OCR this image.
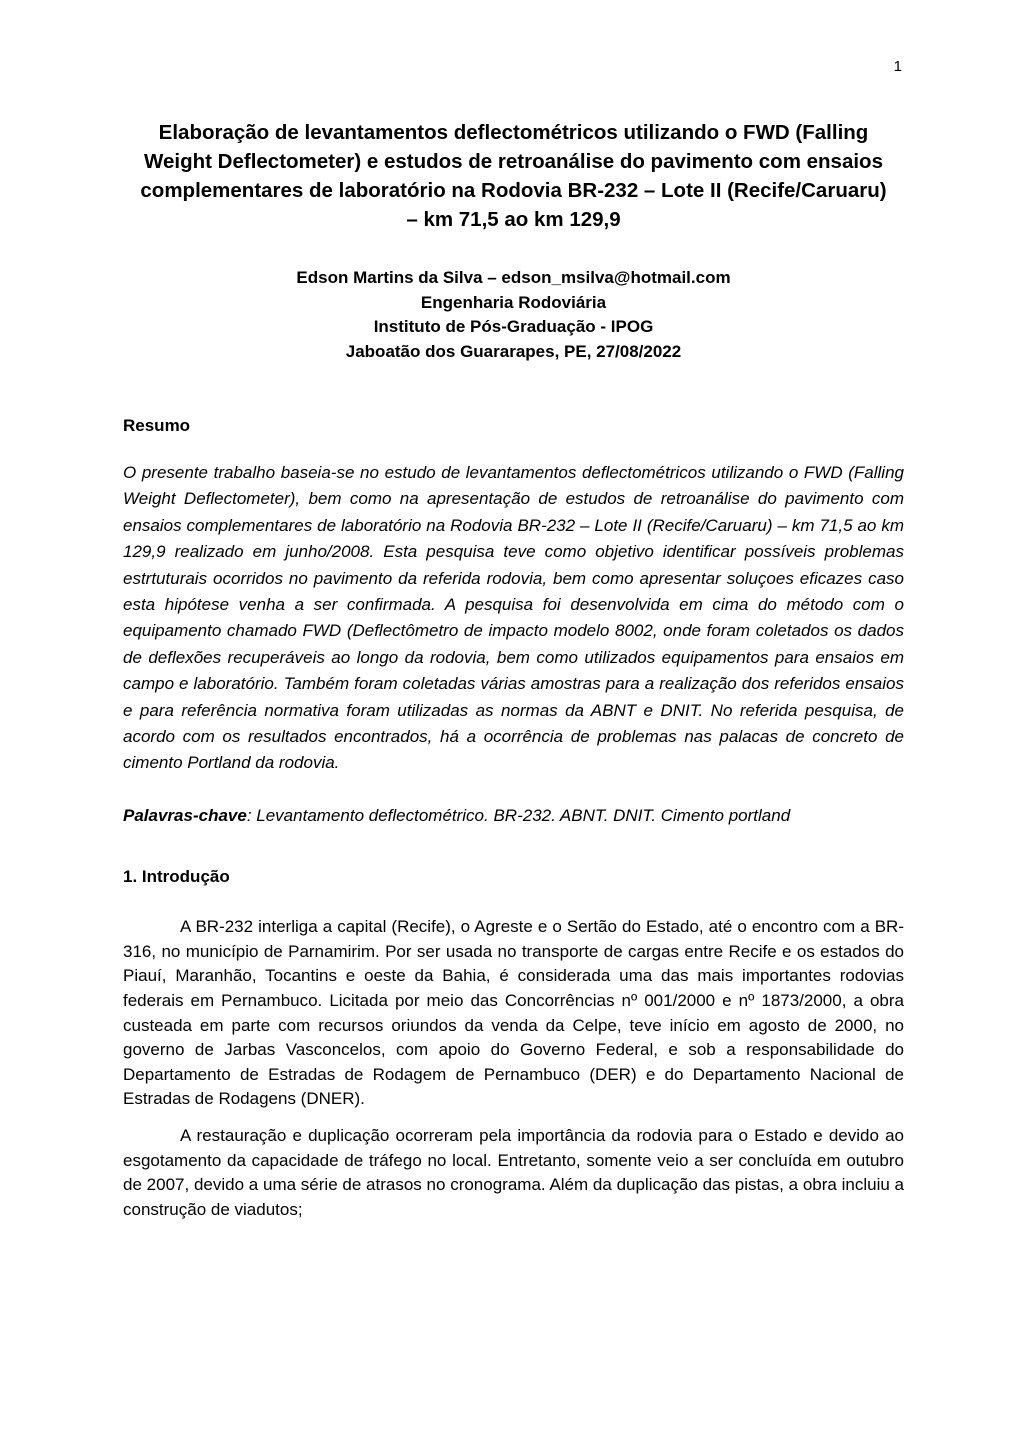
1
Elaboração de levantamentos deflectométricos utilizando o FWD (Falling Weight Deflectometer) e estudos de retroanálise do pavimento com ensaios complementares de laboratório na Rodovia BR-232 – Lote II (Recife/Caruaru) – km 71,5 ao km 129,9
Edson Martins da Silva – edson_msilva@hotmail.com
Engenharia Rodoviária
Instituto de Pós-Graduação - IPOG
Jaboatão dos Guararapes, PE, 27/08/2022
Resumo

O presente trabalho baseia-se no estudo de levantamentos deflectométricos utilizando o FWD (Falling Weight Deflectometer), bem como na apresentação de estudos de retroanálise do pavimento com ensaios complementares de laboratório na Rodovia BR-232 – Lote II (Recife/Caruaru) – km 71,5 ao km 129,9 realizado em junho/2008. Esta pesquisa teve como objetivo identificar possíveis problemas estrtuturais ocorridos no pavimento da referida rodovia, bem como apresentar soluçoes eficazes caso esta hipótese venha a ser confirmada. A pesquisa foi desenvolvida em cima do método com o equipamento chamado FWD (Deflectômetro de impacto modelo 8002, onde foram coletados os dados de deflexões recuperáveis ao longo da rodovia, bem como utilizados equipamentos para ensaios em campo e laboratório. Também foram coletadas várias amostras para a realização dos referidos ensaios e para referência normativa foram utilizadas as normas da ABNT e DNIT. No referida pesquisa, de acordo com os resultados encontrados, há a ocorrência de problemas nas palacas de concreto de cimento Portland da rodovia.

Palavras-chave: Levantamento deflectométrico. BR-232. ABNT. DNIT. Cimento portland

1. Introdução

A BR-232 interliga a capital (Recife), o Agreste e o Sertão do Estado, até o encontro com a BR-316, no município de Parnamirim. Por ser usada no transporte de cargas entre Recife e os estados do Piauí, Maranhão, Tocantins e oeste da Bahia, é considerada uma das mais importantes rodovias federais em Pernambuco. Licitada por meio das Concorrências nº 001/2000 e nº 1873/2000, a obra custeada em parte com recursos oriundos da venda da Celpe, teve início em agosto de 2000, no governo de Jarbas Vasconcelos, com apoio do Governo Federal, e sob a responsabilidade do Departamento de Estradas de Rodagem de Pernambuco (DER) e do Departamento Nacional de Estradas de Rodagens (DNER).

A restauração e duplicação ocorreram pela importância da rodovia para o Estado e devido ao esgotamento da capacidade de tráfego no local. Entretanto, somente veio a ser concluída em outubro de 2007, devido a uma série de atrasos no cronograma. Além da duplicação das pistas, a obra incluiu a construção de viadutos;
